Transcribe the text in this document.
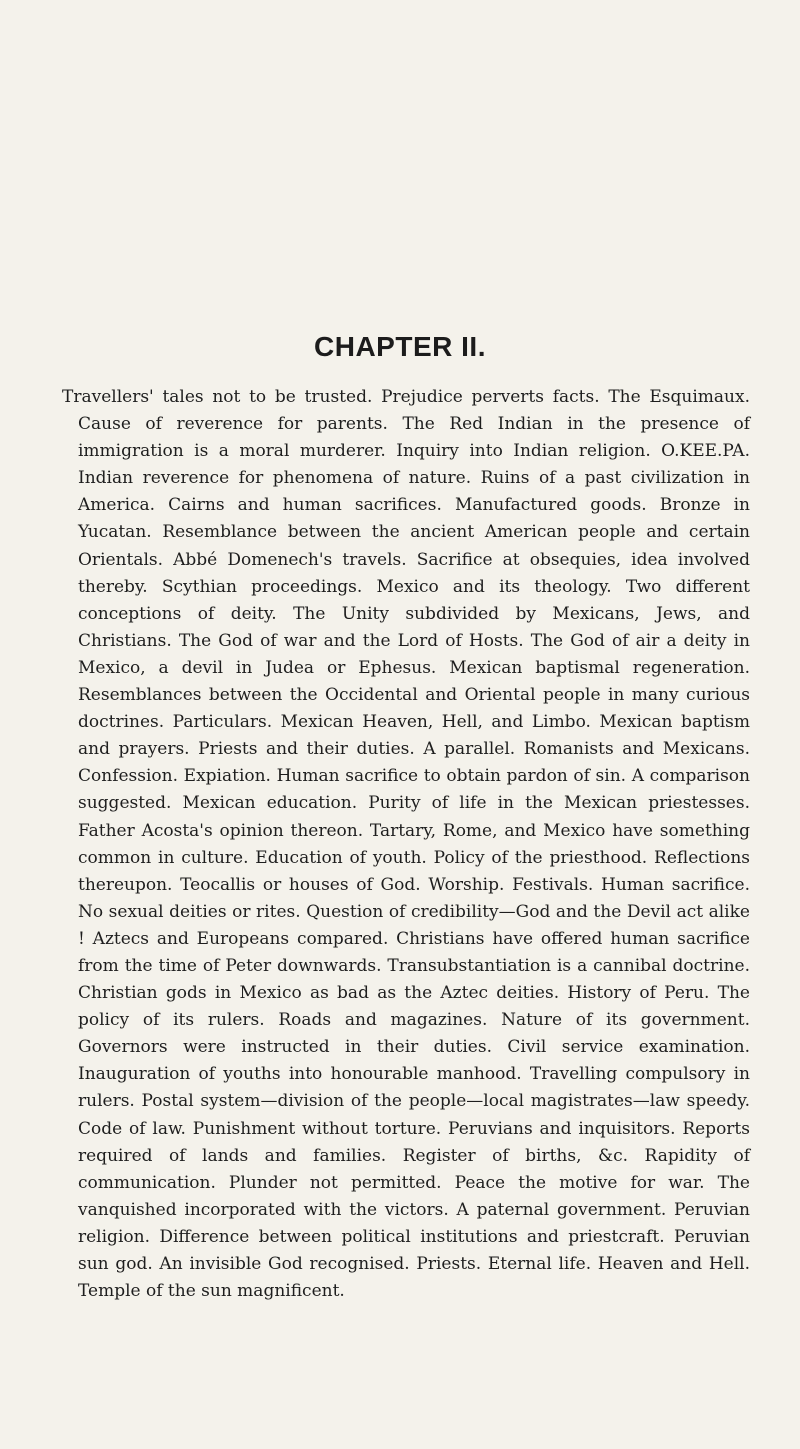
CHAPTER II.

Travellers' tales not to be trusted. Prejudice perverts facts. The Esquimaux. Cause of reverence for parents. The Red Indian in the presence of immigration is a moral murderer. Inquiry into Indian religion. O.KEE.PA. Indian reverence for phenomena of nature. Ruins of a past civilization in America. Cairns and human sacrifices. Manufactured goods. Bronze in Yucatan. Resemblance between the ancient American people and certain Orientals. Abbé Domenech's travels. Sacrifice at obsequies, idea involved thereby. Scythian proceedings. Mexico and its theology. Two different conceptions of deity. The Unity subdivided by Mexicans, Jews, and Christians. The God of war and the Lord of Hosts. The God of air a deity in Mexico, a devil in Judea or Ephesus. Mexican baptismal regeneration. Resemblances between the Occidental and Oriental people in many curious doctrines. Particulars. Mexican Heaven, Hell, and Limbo. Mexican baptism and prayers. Priests and their duties. A parallel. Romanists and Mexicans. Confession. Expiation. Human sacrifice to obtain pardon of sin. A comparison suggested. Mexican education. Purity of life in the Mexican priestesses. Father Acosta's opinion thereon. Tartary, Rome, and Mexico have something common in culture. Education of youth. Policy of the priesthood. Reflections thereupon. Teocallis or houses of God. Worship. Festivals. Human sacrifice. No sexual deities or rites. Question of credibility—God and the Devil act alike ! Aztecs and Europeans compared. Christians have offered human sacrifice from the time of Peter downwards. Transubstantiation is a cannibal doctrine. Christian gods in Mexico as bad as the Aztec deities. History of Peru. The policy of its rulers. Roads and magazines. Nature of its government. Governors were instructed in their duties. Civil service examination. Inauguration of youths into honourable manhood. Travelling compulsory in rulers. Postal system—division of the people—local magistrates—law speedy. Code of law. Punishment without torture. Peruvians and inquisitors. Reports required of lands and families. Register of births, &c. Rapidity of communication. Plunder not permitted. Peace the motive for war. The vanquished incorporated with the victors. A paternal government. Peruvian religion. Difference between political institutions and priestcraft. Peruvian sun god. An invisible God recognised. Priests. Eternal life. Heaven and Hell. Temple of the sun magnificent.
